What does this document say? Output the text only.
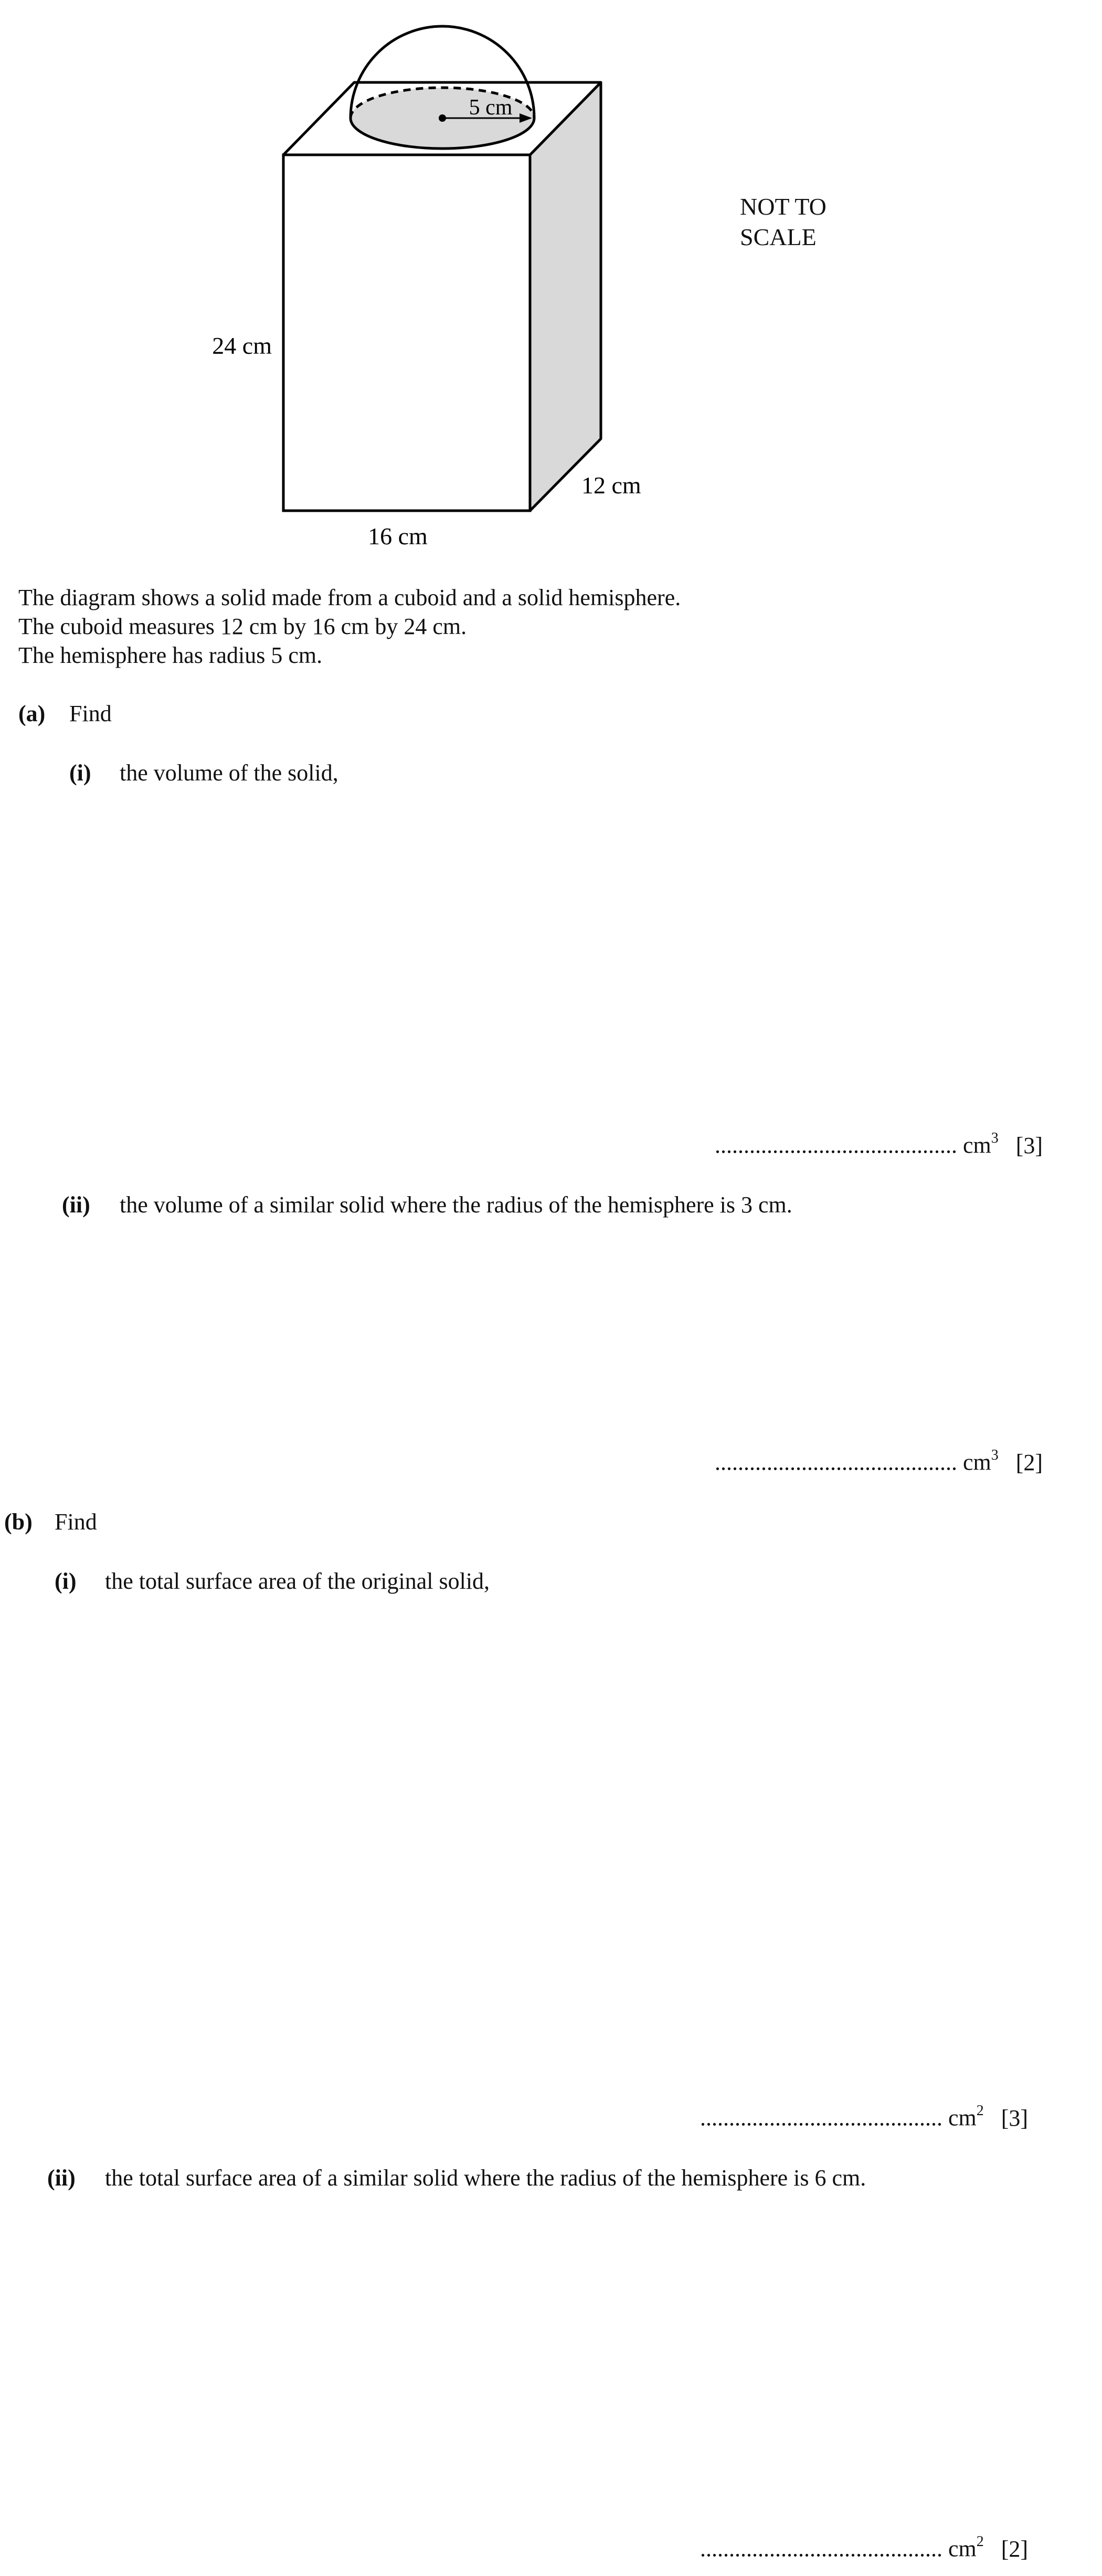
5 cm
24 cm
16 cm
12 cm
NOT TO
SCALE
The diagram shows a solid made from a cuboid and a solid hemisphere.
The cuboid measures 12 cm by 16 cm by 24 cm.
The hemisphere has radius 5 cm.
(a) Find
(i) the volume of the solid,
.......................................... $cm^3$ [3]
(ii) the volume of a similar solid where the radius of the hemisphere is 3 cm.
.......................................... $cm^3$ [2]
(b) Find
(i) the total surface area of the original solid,
.......................................... $cm^2$ [3]
(ii) the total surface area of a similar solid where the radius of the hemisphere is 6 cm.
.......................................... $cm^2$ [2]
